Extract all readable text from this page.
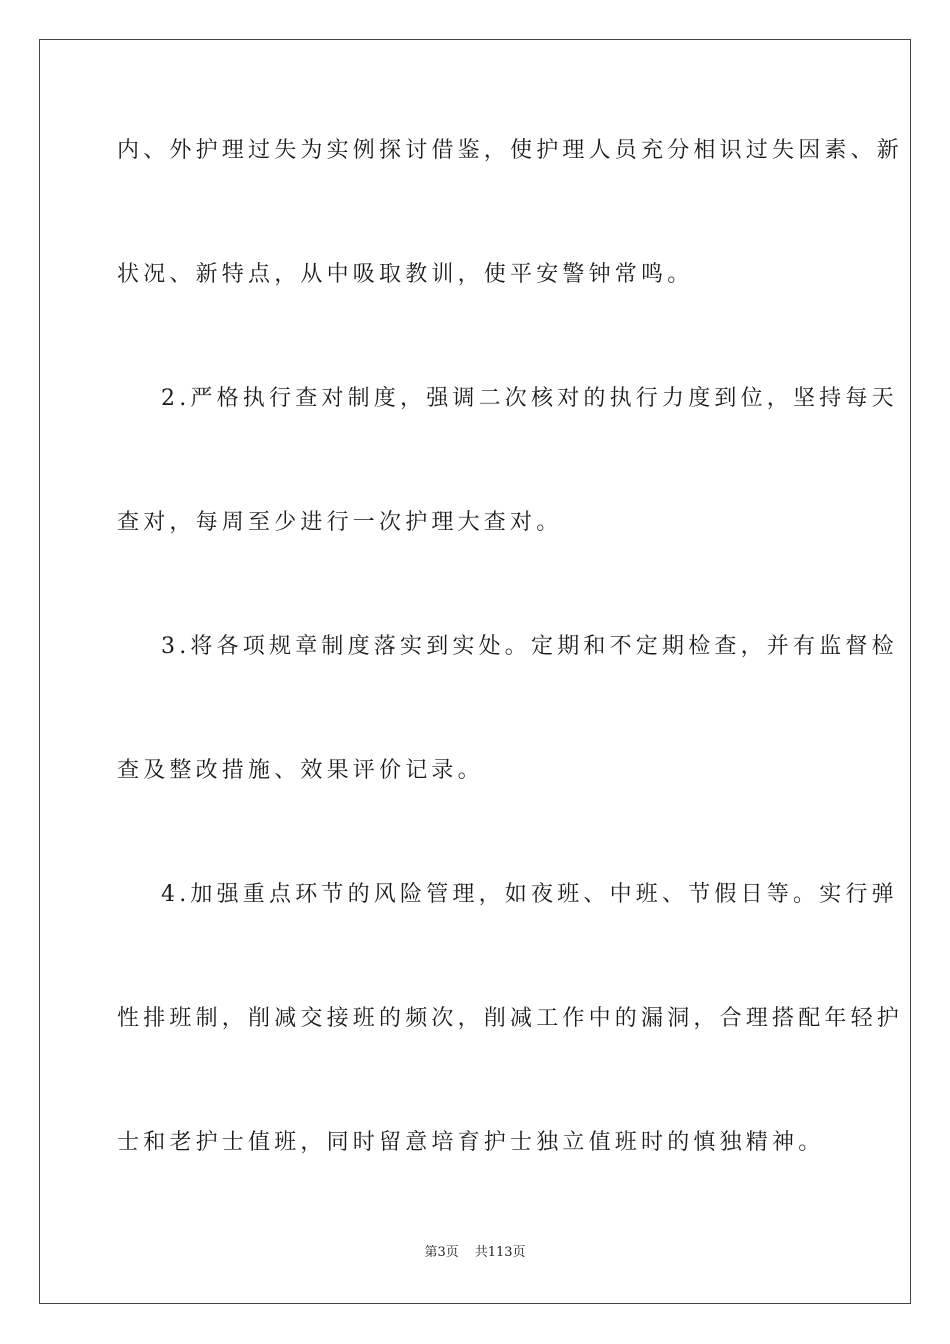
内、外护理过失为实例探讨借鉴，使护理人员充分相识过失因素、新
状况、新特点，从中吸取教训，使平安警钟常鸣。
2.严格执行查对制度，强调二次核对的执行力度到位，坚持每天
查对，每周至少进行一次护理大查对。
3.将各项规章制度落实到实处。定期和不定期检查，并有监督检
查及整改措施、效果评价记录。
4.加强重点环节的风险管理，如夜班、中班、节假日等。实行弹
性排班制，削减交接班的频次，削减工作中的漏洞，合理搭配年轻护
士和老护士值班，同时留意培育护士独立值班时的慎独精神。
第3页 共113页
